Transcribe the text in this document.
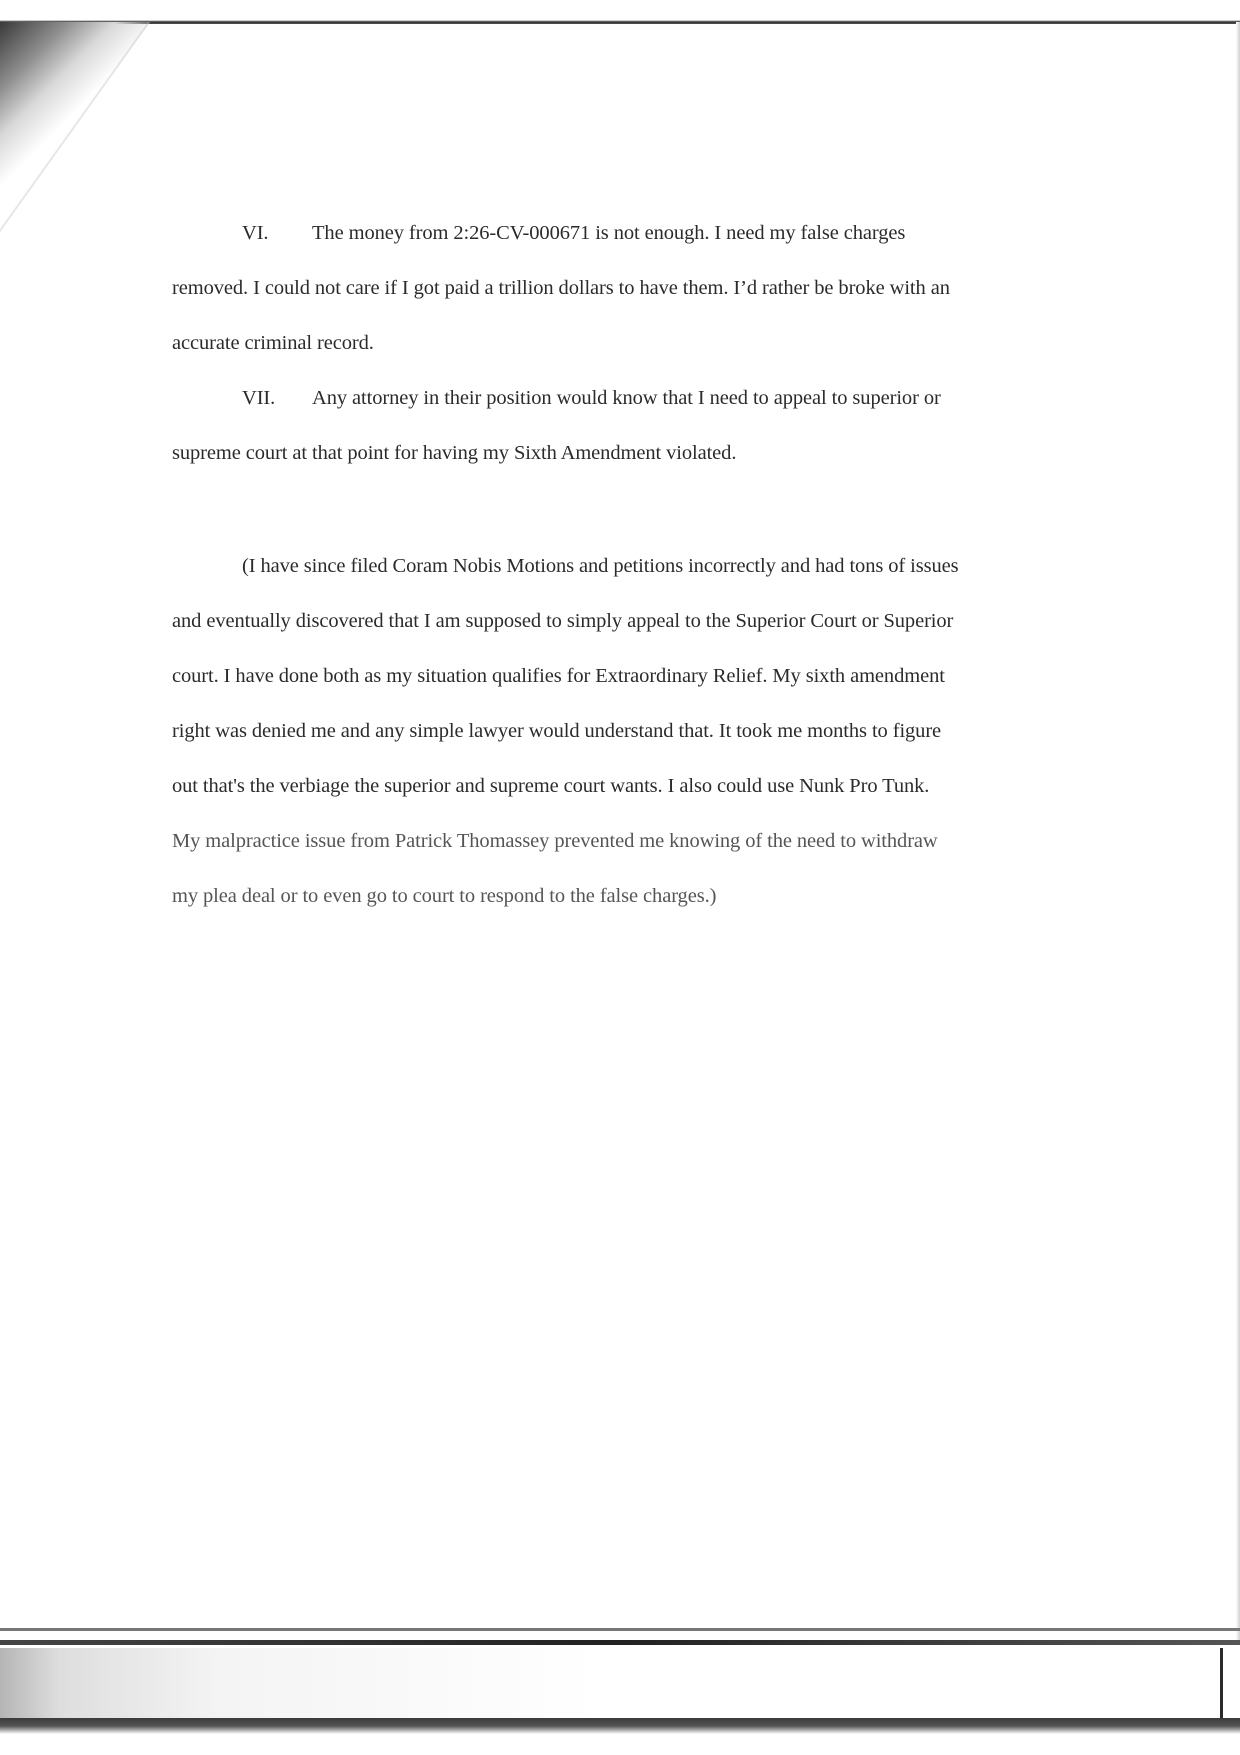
VI. The money from 2:26-CV-000671 is not enough. I need my false charges
removed. I could not care if I got paid a trillion dollars to have them. I’d rather be broke with an
accurate criminal record.
VII. Any attorney in their position would know that I need to appeal to superior or
supreme court at that point for having my Sixth Amendment violated.
(I have since filed Coram Nobis Motions and petitions incorrectly and had tons of issues
and eventually discovered that I am supposed to simply appeal to the Superior Court or Superior
court. I have done both as my situation qualifies for Extraordinary Relief. My sixth amendment
right was denied me and any simple lawyer would understand that. It took me months to figure
out that's the verbiage the superior and supreme court wants. I also could use Nunk Pro Tunk.
My malpractice issue from Patrick Thomassey prevented me knowing of the need to withdraw
my plea deal or to even go to court to respond to the false charges.)
